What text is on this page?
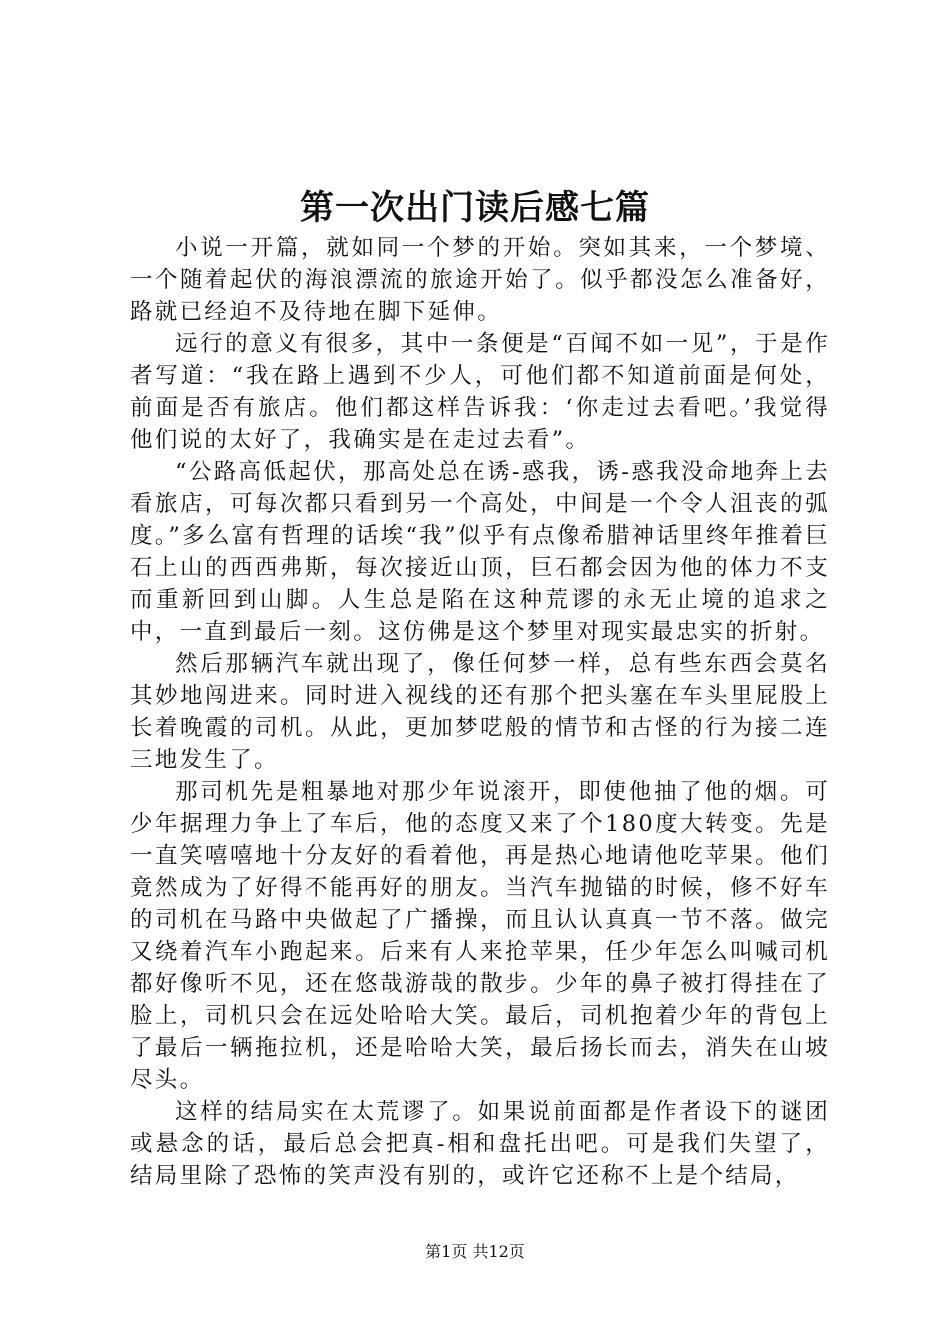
第一次出门读后感七篇

小说一开篇，就如同一个梦的开始。突如其来，一个梦境、一个随着起伏的海浪漂流的旅途开始了。似乎都没怎么准备好，路就已经迫不及待地在脚下延伸。

远行的意义有很多，其中一条便是“百闻不如一见”，于是作者写道：“我在路上遇到不少人，可他们都不知道前面是何处，前面是否有旅店。他们都这样告诉我：‘你走过去看吧。’我觉得他们说的太好了，我确实是在走过去看”。

“公路高低起伏，那高处总在诱-惑我，诱-惑我没命地奔上去看旅店，可每次都只看到另一个高处，中间是一个令人沮丧的弧度。”多么富有哲理的话埃“我”似乎有点像希腊神话里终年推着巨石上山的西西弗斯，每次接近山顶，巨石都会因为他的体力不支而重新回到山脚。人生总是陷在这种荒谬的永无止境的追求之中，一直到最后一刻。这仿佛是这个梦里对现实最忠实的折射。

然后那辆汽车就出现了，像任何梦一样，总有些东西会莫名其妙地闯进来。同时进入视线的还有那个把头塞在车头里屁股上长着晚霞的司机。从此，更加梦呓般的情节和古怪的行为接二连三地发生了。

那司机先是粗暴地对那少年说滚开，即使他抽了他的烟。可少年据理力争上了车后，他的态度又来了个180度大转变。先是一直笑嘻嘻地十分友好的看着他，再是热心地请他吃苹果。他们竟然成为了好得不能再好的朋友。当汽车抛锚的时候，修不好车的司机在马路中央做起了广播操，而且认认真真一节不落。做完又绕着汽车小跑起来。后来有人来抢苹果，任少年怎么叫喊司机都好像听不见，还在悠哉游哉的散步。少年的鼻子被打得挂在了脸上，司机只会在远处哈哈大笑。最后，司机抱着少年的背包上了最后一辆拖拉机，还是哈哈大笑，最后扬长而去，消失在山坡尽头。

这样的结局实在太荒谬了。如果说前面都是作者设下的谜团或悬念的话，最后总会把真-相和盘托出吧。可是我们失望了，结局里除了恐怖的笑声没有别的，或许它还称不上是个结局，

第1页 共12页
